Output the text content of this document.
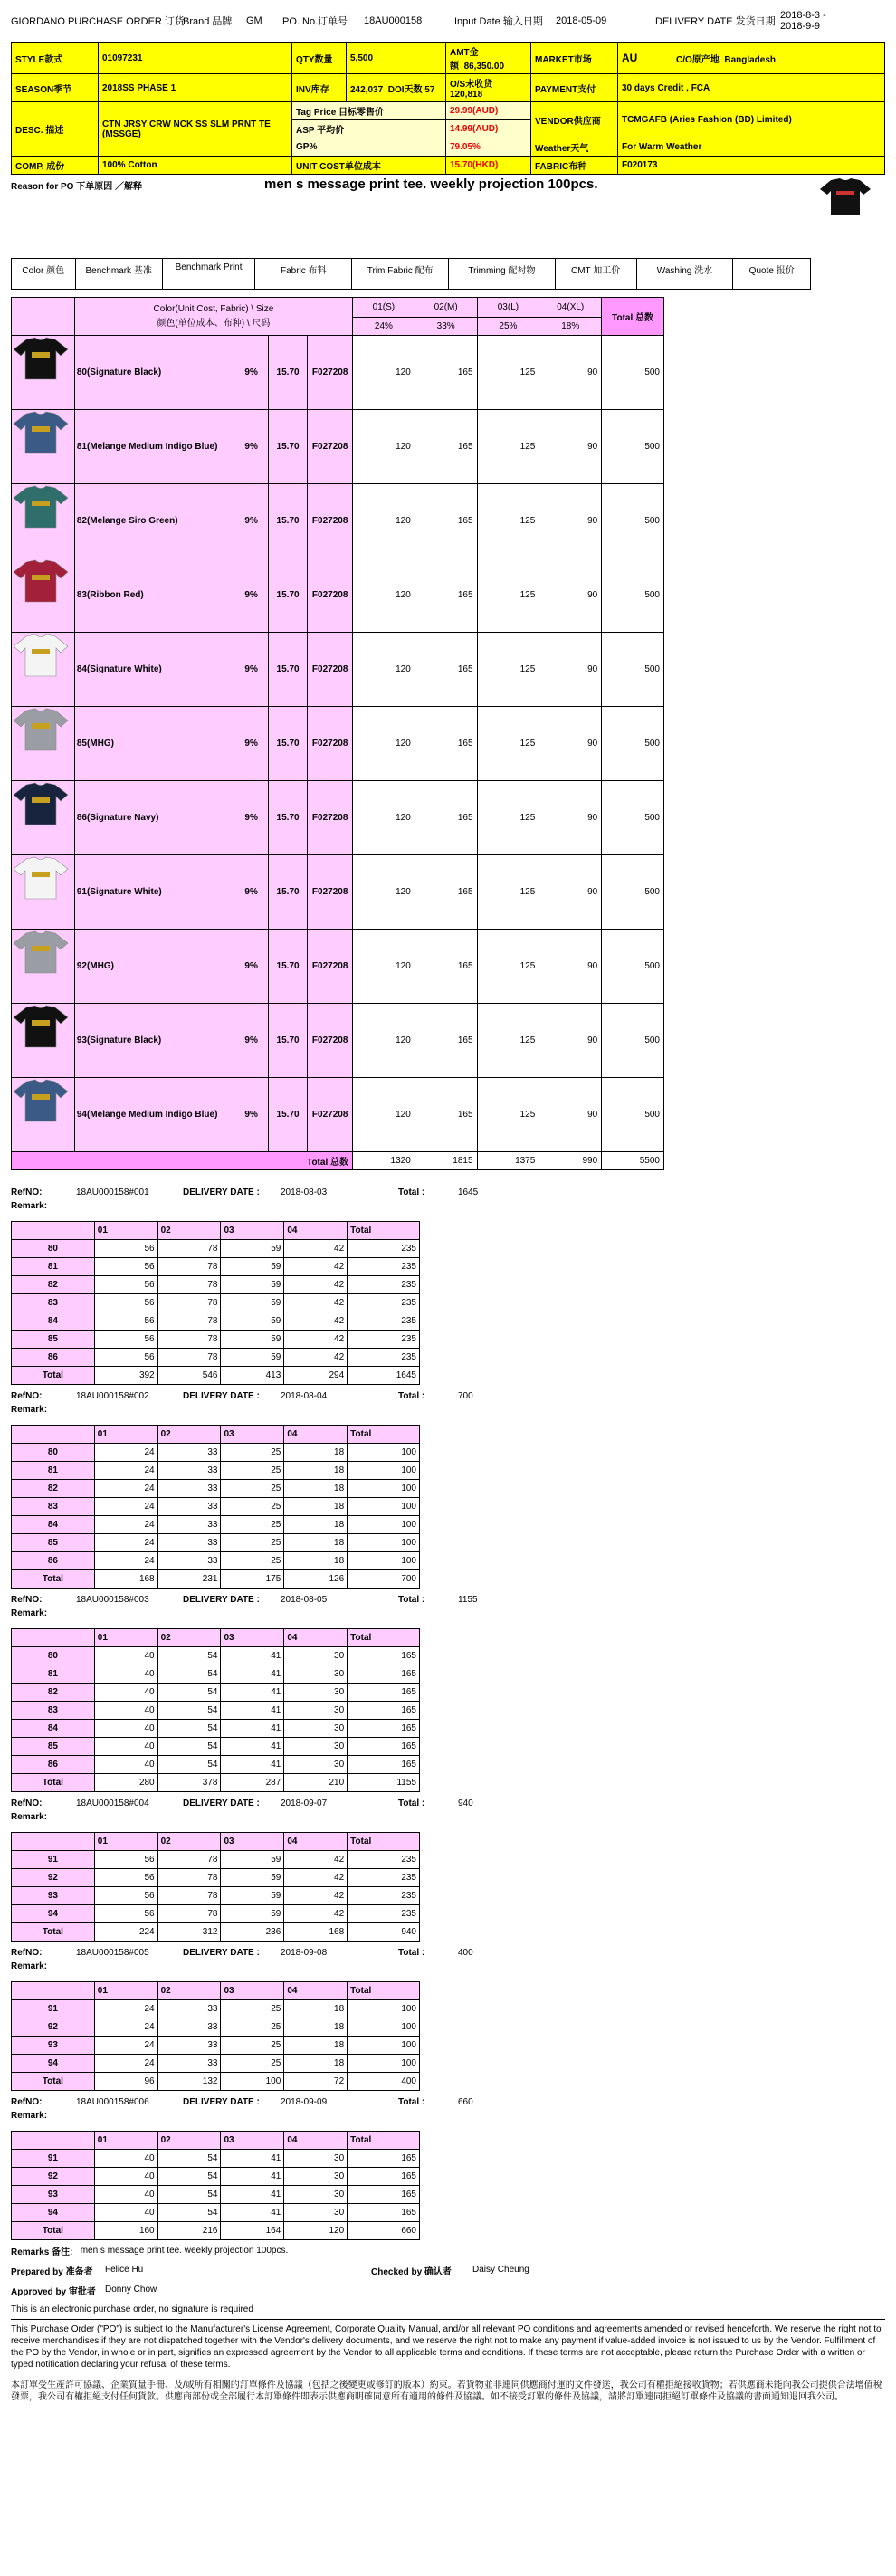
GIORDANO PURCHASE ORDER 订货
Brand 品牌	GM	PO. No.订单号	18AU000158	Input Date 输入日期	2018-05-09	DELIVERY DATE 发货日期
2018-8-3 -
2018-9-9
STYLE款式	01097231	QTY数量	5,500	AMT金额 86,350.00	MARKET市场	AU	C/O原产地 Bangladesh
SEASON季节	2018SS PHASE 1	INV库存	242,037 DOI天数 57	O/S未收货 120,818	PAYMENT支付	30 days Credit , FCA	
DESC. 描述	CTN JRSY CRW NCK SS SLM PRNT TE (MSSGE)	Tag Price 目标零售价		29.99(AUD)	VENDOR供应商	TCMGAFB (Aries Fashion (BD) Limited)	
		ASP 平均价		14.99(AUD)			
		GP%		79.05%	Weather天气	For Warm Weather	
COMP. 成份	100% Cotton	UNIT COST单位成本		15.70(HKD)	FABRIC布种	F020173	
Reason for PO 下单原因 ／解释	men s message print tee. weekly projection 100pcs.
Color 颜色	Benchmark 基准	Benchmark Print	Fabric 布料	Trim Fabric 配布	Trimming 配衬物	CMT 加工价	Washing 洗水	Quote 报价

	Color(Unit Cost, Fabric) \ Size
颜色(单位成本、布种) \ 尺码				01(S)	02(M)	03(L)	04(XL)	Total 总数
					24%	33%	25%	18%	
	80(Signature Black)	9%	15.70	F027208	120	165	125	90	500
	81(Melange Medium Indigo Blue)	9%	15.70	F027208	120	165	125	90	500
	82(Melange Siro Green)	9%	15.70	F027208	120	165	125	90	500
	83(Ribbon Red)	9%	15.70	F027208	120	165	125	90	500
	84(Signature White)	9%	15.70	F027208	120	165	125	90	500
	85(MHG)	9%	15.70	F027208	120	165	125	90	500
	86(Signature Navy)	9%	15.70	F027208	120	165	125	90	500
	91(Signature White)	9%	15.70	F027208	120	165	125	90	500
	92(MHG)	9%	15.70	F027208	120	165	125	90	500
	93(Signature Black)	9%	15.70	F027208	120	165	125	90	500
	94(Melange Medium Indigo Blue)	9%	15.70	F027208	120	165	125	90	500
Total 总数					1320	1815	1375	990	5500
RefNO:	18AU000158#001	DELIVERY DATE :	2018-08-03	Total :	1645
Remark:
	01	02	03	04	Total
80	56	78	59	42	235
81	56	78	59	42	235
82	56	78	59	42	235
83	56	78	59	42	235
84	56	78	59	42	235
85	56	78	59	42	235
86	56	78	59	42	235
Total	392	546	413	294	1645
RefNO:	18AU000158#002	DELIVERY DATE :	2018-08-04	Total :	700
Remark:
	01	02	03	04	Total
80	24	33	25	18	100
81	24	33	25	18	100
82	24	33	25	18	100
83	24	33	25	18	100
84	24	33	25	18	100
85	24	33	25	18	100
86	24	33	25	18	100
Total	168	231	175	126	700
RefNO:	18AU000158#003	DELIVERY DATE :	2018-08-05	Total :	1155
Remark:
	01	02	03	04	Total
80	40	54	41	30	165
81	40	54	41	30	165
82	40	54	41	30	165
83	40	54	41	30	165
84	40	54	41	30	165
85	40	54	41	30	165
86	40	54	41	30	165
Total	280	378	287	210	1155
RefNO:	18AU000158#004	DELIVERY DATE :	2018-09-07	Total :	940
Remark:
	01	02	03	04	Total
91	56	78	59	42	235
92	56	78	59	42	235
93	56	78	59	42	235
94	56	78	59	42	235
Total	224	312	236	168	940
RefNO:	18AU000158#005	DELIVERY DATE :	2018-09-08	Total :	400
Remark:
	01	02	03	04	Total
91	24	33	25	18	100
92	24	33	25	18	100
93	24	33	25	18	100
94	24	33	25	18	100
Total	96	132	100	72	400
RefNO:	18AU000158#006	DELIVERY DATE :	2018-09-09	Total :	660
Remark:
	01	02	03	04	Total
91	40	54	41	30	165
92	40	54	41	30	165
93	40	54	41	30	165
94	40	54	41	30	165
Total	160	216	164	120	660
Remarks 备注:
men s message print tee. weekly projection 100pcs.
Prepared by 准备者	Felice Hu	Checked by 确认者	Daisy Cheung
Approved by 审批者	Donny Chow
This is an electronic purchase order, no signature is required
This Purchase Order ("PO") is subject to the Manufacturer's License Agreement, Corporate Quality Manual, and/or all relevant PO conditions and agreements amended or revised henceforth. We reserve the right not to receive merchandises if they are not dispatched together with the Vendor's delivery documents, and we reserve the right not to make any payment if value-added invoice is not issued to us by the Vendor. Fulfillment of the PO by the Vendor, in whole or in part, signifies an expressed agreement by the Vendor to all applicable terms and conditions. If these terms are not acceptable, please return the Purchase Order with a written or typed notification declaring your refusal of these terms.
本訂單受生產許可協議、企業質量手冊、及/或所有相關的訂單條件及協議（包括之後變更或修訂的版本）約束。若貨物並非連同供應商付運的文件發送，我公司有權拒絕接收貨物；若供應商未能向我公司提供合法增值稅發票，我公司有權拒絕支付任何貨款。供應商部份或全部履行本訂單條件即表示供應商明確同意所有適用的條件及協議。如不接受訂單的條件及協議，請將訂單連同拒絕訂單條件及協議的書面通知退回我公司。
